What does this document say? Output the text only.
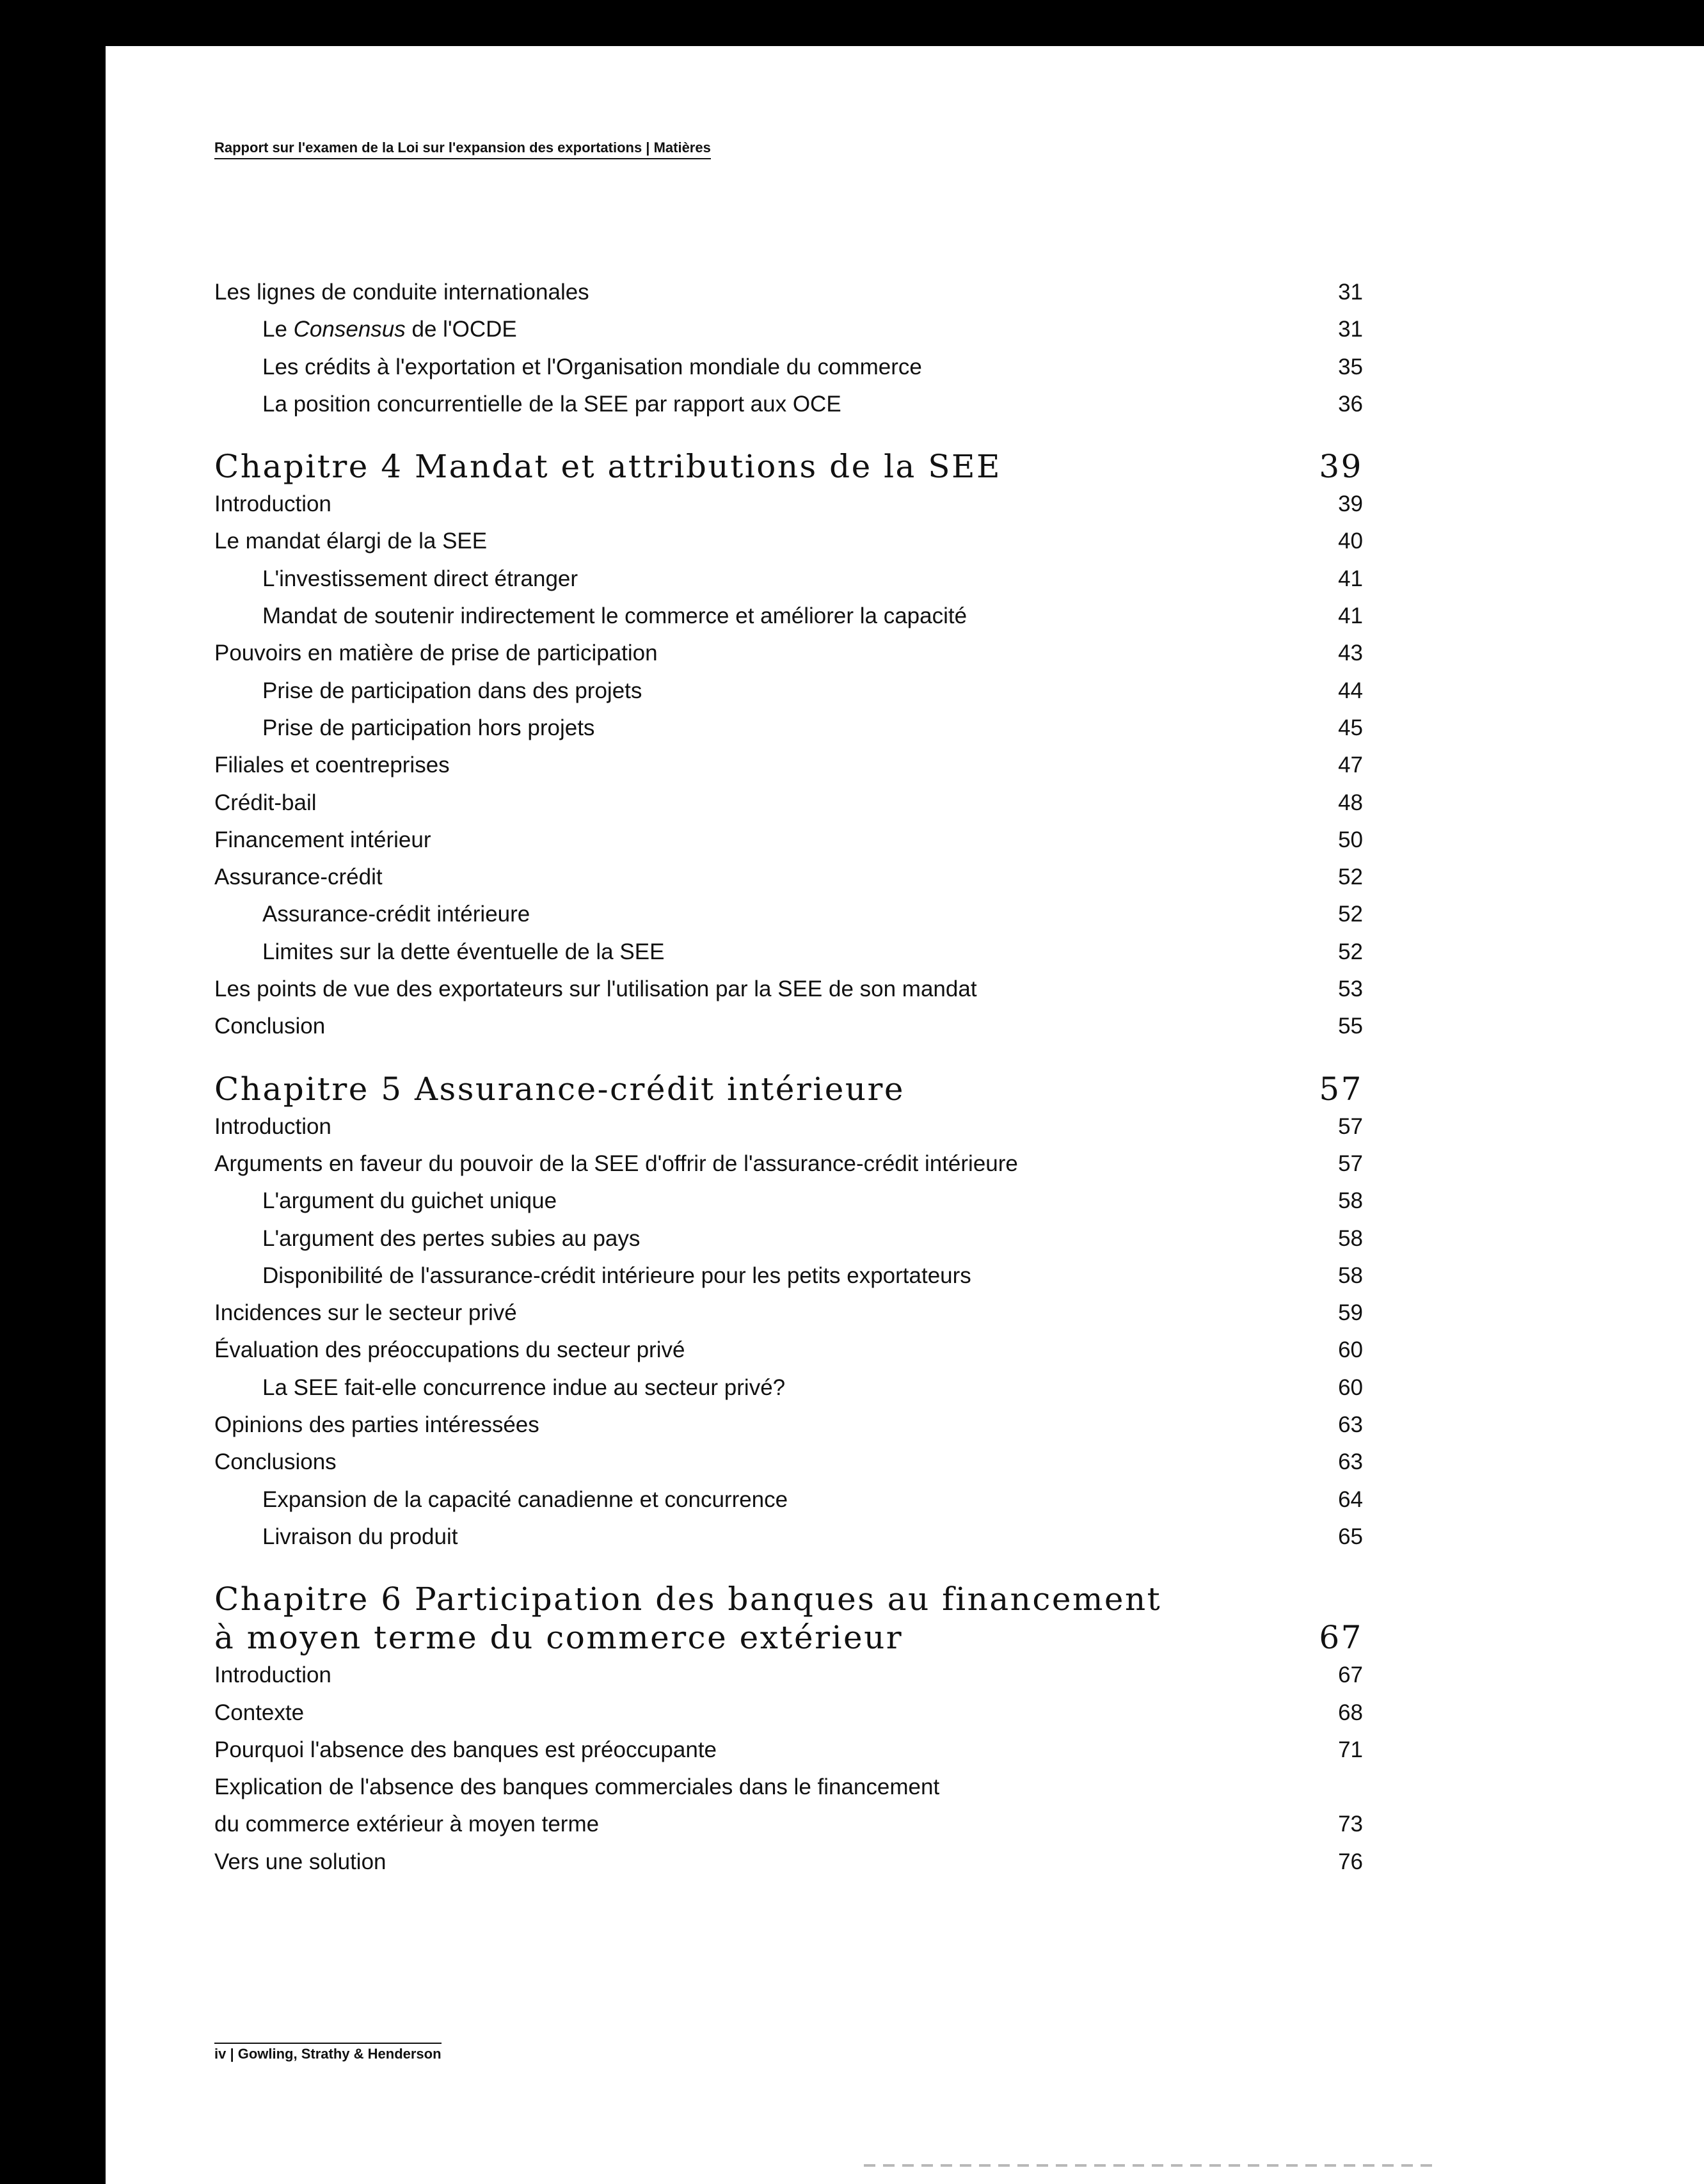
Rapport sur l'examen de la Loi sur l'expansion des exportations | Matières
Les lignes de conduite internationales	31
Le Consensus de l'OCDE	31
Les crédits à l'exportation et l'Organisation mondiale du commerce	35
La position concurrentielle de la SEE par rapport aux OCE	36
Chapitre 4 Mandat et attributions de la SEE	39
Introduction	39
Le mandat élargi de la SEE	40
L'investissement direct étranger	41
Mandat de soutenir indirectement le commerce et améliorer la capacité	41
Pouvoirs en matière de prise de participation	43
Prise de participation dans des projets	44
Prise de participation hors projets	45
Filiales et coentreprises	47
Crédit-bail	48
Financement intérieur	50
Assurance-crédit	52
Assurance-crédit intérieure	52
Limites sur la dette éventuelle de la SEE	52
Les points de vue des exportateurs sur l'utilisation par la SEE de son mandat	53
Conclusion	55
Chapitre 5 Assurance-crédit intérieure	57
Introduction	57
Arguments en faveur du pouvoir de la SEE d'offrir de l'assurance-crédit intérieure	57
L'argument du guichet unique	58
L'argument des pertes subies au pays	58
Disponibilité de l'assurance-crédit intérieure pour les petits exportateurs	58
Incidences sur le secteur privé	59
Évaluation des préoccupations du secteur privé	60
La SEE fait-elle concurrence indue au secteur privé?	60
Opinions des parties intéressées	63
Conclusions	63
Expansion de la capacité canadienne et concurrence	64
Livraison du produit	65
Chapitre 6 Participation des banques au financement
à moyen terme du commerce extérieur	67
Introduction	67
Contexte	68
Pourquoi l'absence des banques est préoccupante	71
Explication de l'absence des banques commerciales dans le financement
du commerce extérieur à moyen terme	73
Vers une solution	76
iv | Gowling, Strathy & Henderson
